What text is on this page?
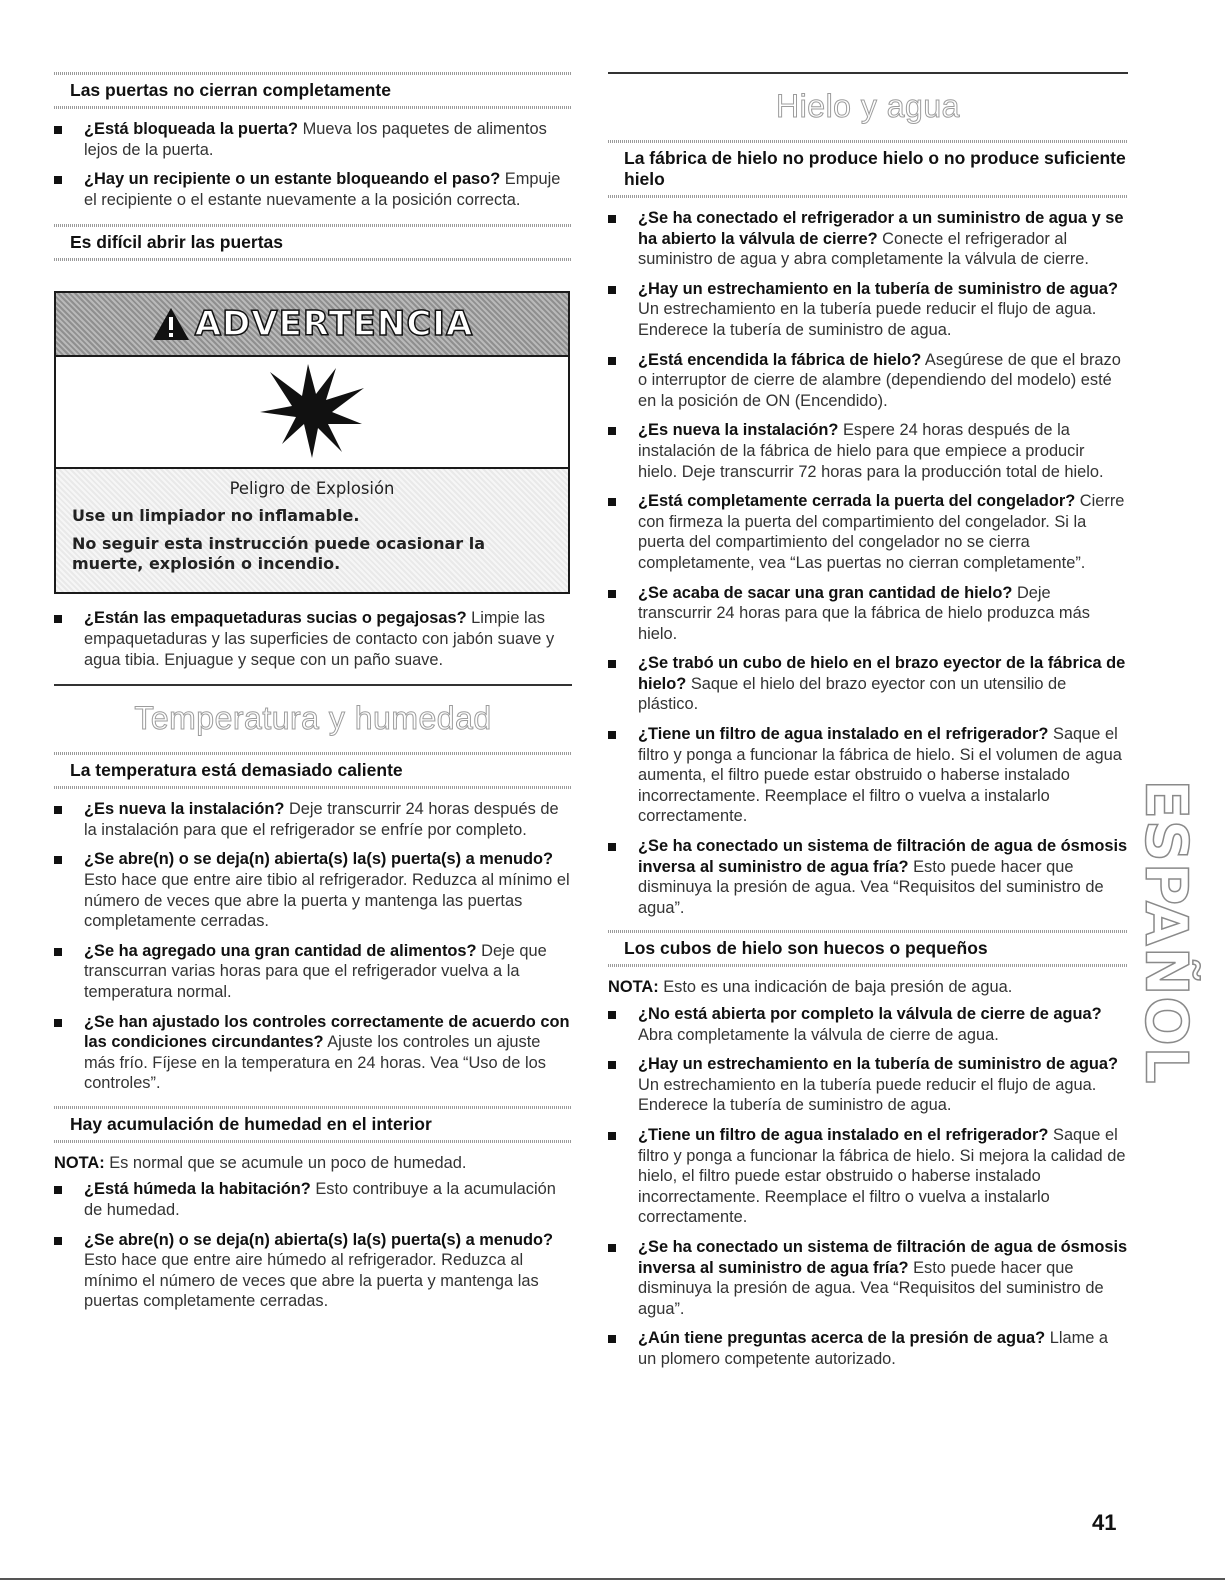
Las puertas no cierran completamente
¿Está bloqueada la puerta? Mueva los paquetes de alimentos lejos de la puerta.
¿Hay un recipiente o un estante bloqueando el paso? Empuje el recipiente o el estante nuevamente a la posición correcta.
Es difícil abrir las puertas
ADVERTENCIA
Peligro de Explosión

Use un limpiador no inflamable.

No seguir esta instrucción puede ocasionar la muerte, explosión o incendio.

¿Están las empaquetaduras sucias o pegajosas? Limpie las empaquetaduras y las superficies de contacto con jabón suave y agua tibia. Enjuague y seque con un paño suave.
Temperatura y humedad
La temperatura está demasiado caliente
¿Es nueva la instalación? Deje transcurrir 24 horas después de la instalación para que el refrigerador se enfríe por completo.
¿Se abre(n) o se deja(n) abierta(s) la(s) puerta(s) a menudo? Esto hace que entre aire tibio al refrigerador. Reduzca al mínimo el número de veces que abre la puerta y mantenga las puertas completamente cerradas.
¿Se ha agregado una gran cantidad de alimentos? Deje que transcurran varias horas para que el refrigerador vuelva a la temperatura normal.
¿Se han ajustado los controles correctamente de acuerdo con las condiciones circundantes? Ajuste los controles un ajuste más frío. Fíjese en la temperatura en 24 horas. Vea “Uso de los controles”.
Hay acumulación de humedad en el interior
NOTA: Es normal que se acumule un poco de humedad.
¿Está húmeda la habitación? Esto contribuye a la acumulación de humedad.
¿Se abre(n) o se deja(n) abierta(s) la(s) puerta(s) a menudo? Esto hace que entre aire húmedo al refrigerador. Reduzca al mínimo el número de veces que abre la puerta y mantenga las puertas completamente cerradas.
Hielo y agua
La fábrica de hielo no produce hielo o no produce suficiente hielo
¿Se ha conectado el refrigerador a un suministro de agua y se ha abierto la válvula de cierre? Conecte el refrigerador al suministro de agua y abra completamente la válvula de cierre.
¿Hay un estrechamiento en la tubería de suministro de agua? Un estrechamiento en la tubería puede reducir el flujo de agua. Enderece la tubería de suministro de agua.
¿Está encendida la fábrica de hielo? Asegúrese de que el brazo o interruptor de cierre de alambre (dependiendo del modelo) esté en la posición de ON (Encendido).
¿Es nueva la instalación? Espere 24 horas después de la instalación de la fábrica de hielo para que empiece a producir hielo. Deje transcurrir 72 horas para la producción total de hielo.
¿Está completamente cerrada la puerta del congelador? Cierre con firmeza la puerta del compartimiento del congelador. Si la puerta del compartimiento del congelador no se cierra completamente, vea “Las puertas no cierran completamente”.
¿Se acaba de sacar una gran cantidad de hielo? Deje transcurrir 24 horas para que la fábrica de hielo produzca más hielo.
¿Se trabó un cubo de hielo en el brazo eyector de la fábrica de hielo? Saque el hielo del brazo eyector con un utensilio de plástico.
¿Tiene un filtro de agua instalado en el refrigerador? Saque el filtro y ponga a funcionar la fábrica de hielo. Si el volumen de agua aumenta, el filtro puede estar obstruido o haberse instalado incorrectamente. Reemplace el filtro o vuelva a instalarlo correctamente.
¿Se ha conectado un sistema de filtración de agua de ósmosis inversa al suministro de agua fría? Esto puede hacer que disminuya la presión de agua. Vea “Requisitos del suministro de agua”.
Los cubos de hielo son huecos o pequeños
NOTA: Esto es una indicación de baja presión de agua.
¿No está abierta por completo la válvula de cierre de agua? Abra completamente la válvula de cierre de agua.
¿Hay un estrechamiento en la tubería de suministro de agua? Un estrechamiento en la tubería puede reducir el flujo de agua. Enderece la tubería de suministro de agua.
¿Tiene un filtro de agua instalado en el refrigerador? Saque el filtro y ponga a funcionar la fábrica de hielo. Si mejora la calidad de hielo, el filtro puede estar obstruido o haberse instalado incorrectamente. Reemplace el filtro o vuelva a instalarlo correctamente.
¿Se ha conectado un sistema de filtración de agua de ósmosis inversa al suministro de agua fría? Esto puede hacer que disminuya la presión de agua. Vea “Requisitos del suministro de agua”.
¿Aún tiene preguntas acerca de la presión de agua? Llame a un plomero competente autorizado.
ESPAÑOL
41
